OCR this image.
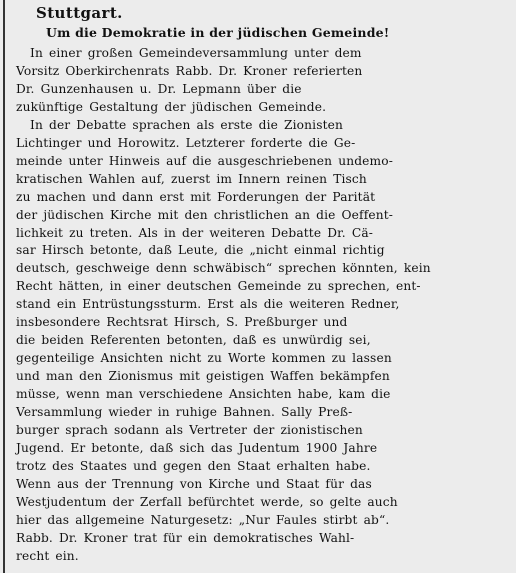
Stuttgart.
Um die Demokratie in der jüdischen Gemeinde!
In einer großen Gemeindeversammlung unter dem
Vorsitz Oberkirchenrats Rabb. Dr. Kroner referierten
Dr. Gunzenhausen u. Dr. Lepmann über die
zukünftige Gestaltung der jüdischen Gemeinde.
In der Debatte sprachen als erste die Zionisten
Lichtinger und Horowitz. Letzterer forderte die Ge-
meinde unter Hinweis auf die ausgeschriebenen undemo-
kratischen Wahlen auf, zuerst im Innern reinen Tisch
zu machen und dann erst mit Forderungen der Parität
der jüdischen Kirche mit den christlichen an die Oeffent-
lichkeit zu treten. Als in der weiteren Debatte Dr. Cä-
sar Hirsch betonte, daß Leute, die „nicht einmal richtig
deutsch, geschweige denn schwäbisch“ sprechen könnten, kein
Recht hätten, in einer deutschen Gemeinde zu sprechen, ent-
stand ein Entrüstungssturm. Erst als die weiteren Redner,
insbesondere Rechtsrat Hirsch, S. Preßburger und
die beiden Referenten betonten, daß es unwürdig sei,
gegenteilige Ansichten nicht zu Worte kommen zu lassen
und man den Zionismus mit geistigen Waffen bekämpfen
müsse, wenn man verschiedene Ansichten habe, kam die
Versammlung wieder in ruhige Bahnen. Sally Preß-
burger sprach sodann als Vertreter der zionistischen
Jugend. Er betonte, daß sich das Judentum 1900 Jahre
trotz des Staates und gegen den Staat erhalten habe.
Wenn aus der Trennung von Kirche und Staat für das
Westjudentum der Zerfall befürchtet werde, so gelte auch
hier das allgemeine Naturgesetz: „Nur Faules stirbt ab“.
Rabb. Dr. Kroner trat für ein demokratisches Wahl-
recht ein.
